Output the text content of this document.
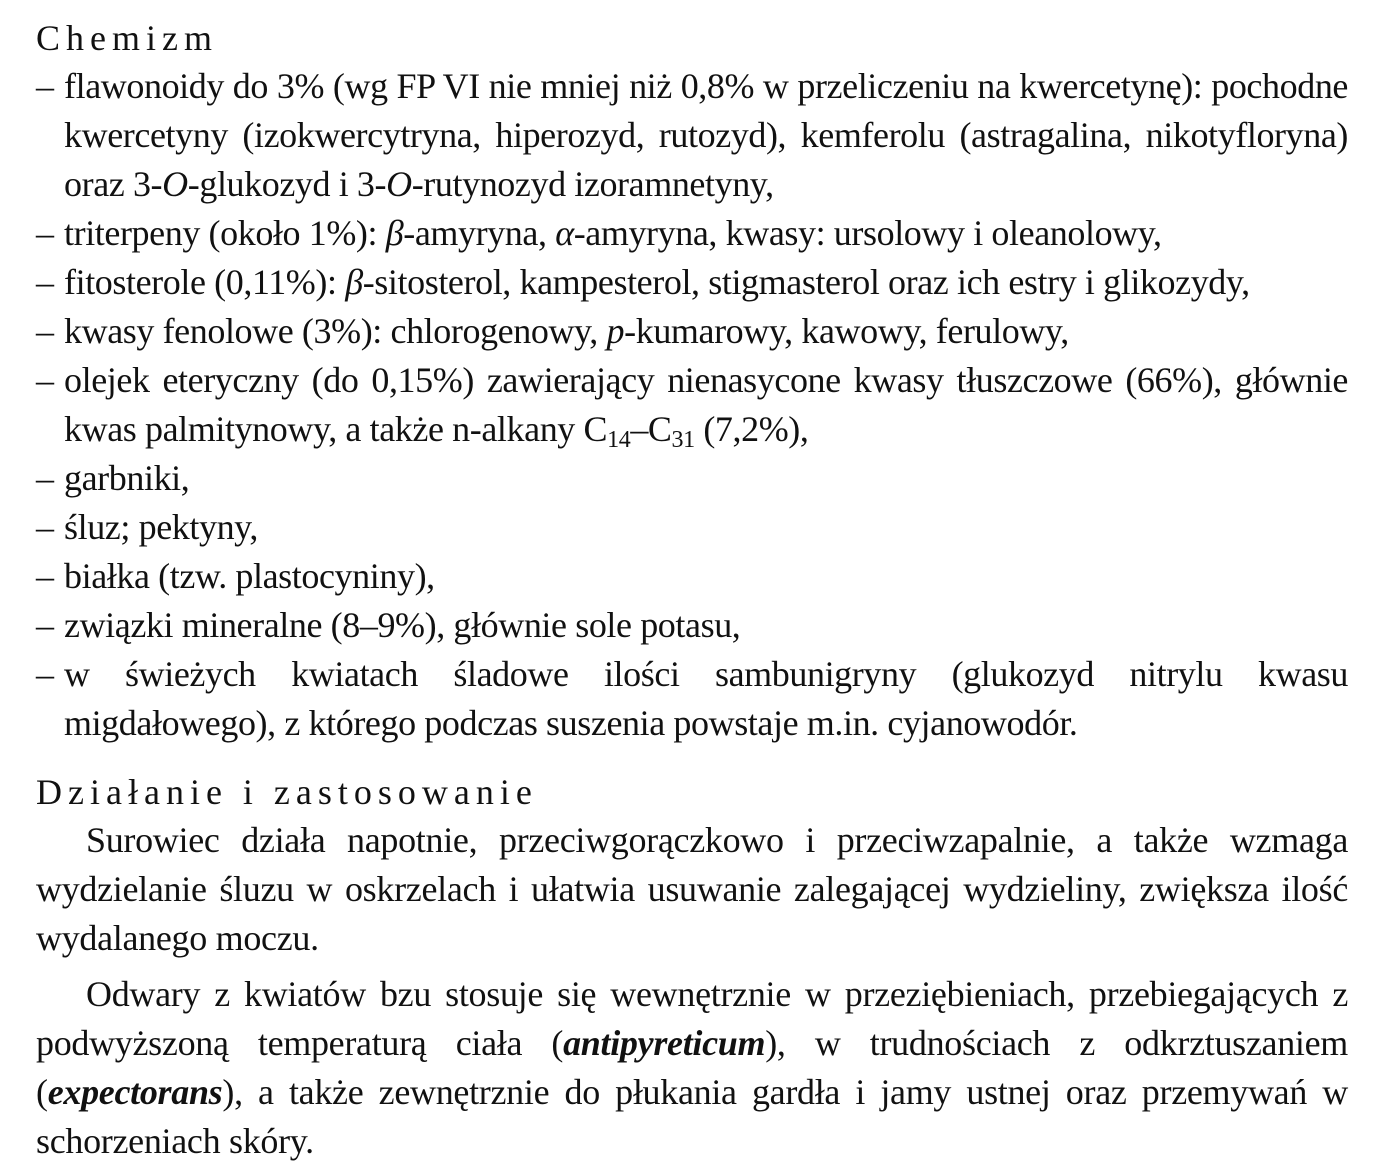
Chemizm
– flawonoidy do 3% (wg FP VI nie mniej niż 0,8% w przeliczeniu na kwercetynę): pochodne kwercetyny (izokwercytryna, hiperozyd, rutozyd), kemferolu (astragalina, nikotyfloryna) oraz 3-O-glukozyd i 3-O-rutynozyd izoramnetyny,
– triterpeny (około 1%): β-amyryna, α-amyryna, kwasy: ursolowy i oleanolowy,
– fitosterole (0,11%): β-sitosterol, kampesterol, stigmasterol oraz ich estry i glikozydy,
– kwasy fenolowe (3%): chlorogenowy, p-kumarowy, kawowy, ferulowy,
– olejek eteryczny (do 0,15%) zawierający nienasycone kwasy tłuszczowe (66%), głównie kwas palmitynowy, a także n-alkany $C_{14}-C_{31}$ (7,2%),
– garbniki,
– śluz; pektyny,
– białka (tzw. plastocyniny),
– związki mineralne (8–9%), głównie sole potasu,
– w świeżych kwiatach śladowe ilości sambunigryny (glukozyd nitrylu kwasu migdałowego), z którego podczas suszenia powstaje m.in. cyjanowodór.
Działanie i zastosowanie

Surowiec działa napotnie, przeciwgorączkowo i przeciwzapalnie, a także wzmaga wydzielanie śluzu w oskrzelach i ułatwia usuwanie zalegającej wydzieliny, zwiększa ilość wydalanego moczu.

Odwary z kwiatów bzu stosuje się wewnętrznie w przeziębieniach, przebiegających z podwyższoną temperaturą ciała (antipyreticum), w trudnościach z odkrztuszaniem (expectorans), a także zewnętrznie do płukania gardła i jamy ustnej oraz przemywań w schorzeniach skóry.
